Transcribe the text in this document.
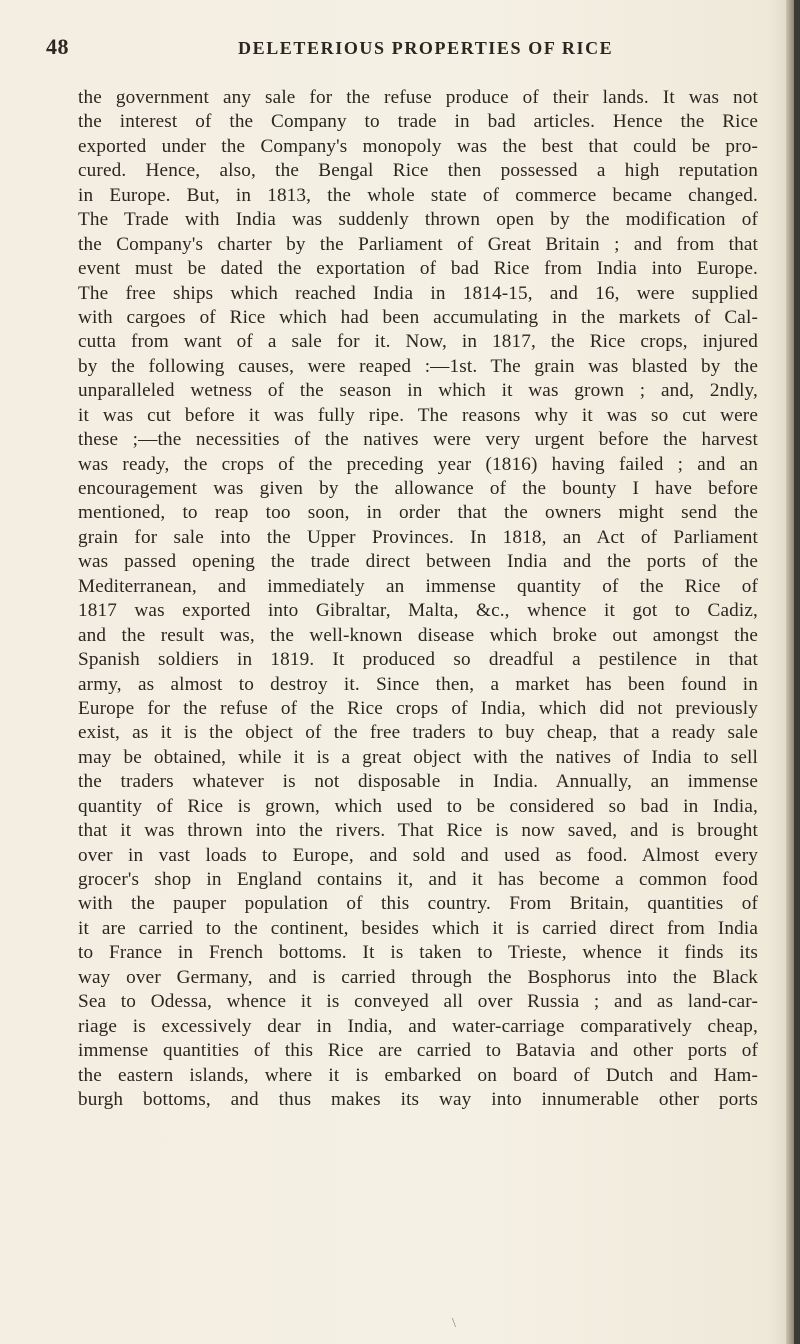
48	DELETERIOUS PROPERTIES OF RICE
the government any sale for the refuse produce of their lands. It was not
the interest of the Company to trade in bad articles. Hence the Rice
exported under the Company's monopoly was the best that could be pro-
cured. Hence, also, the Bengal Rice then possessed a high reputation
in Europe. But, in 1813, the whole state of commerce became changed.
The Trade with India was suddenly thrown open by the modification of
the Company's charter by the Parliament of Great Britain ; and from that
event must be dated the exportation of bad Rice from India into Europe.
The free ships which reached India in 1814-15, and 16, were supplied
with cargoes of Rice which had been accumulating in the markets of Cal-
cutta from want of a sale for it. Now, in 1817, the Rice crops, injured
by the following causes, were reaped :—1st. The grain was blasted by the
unparalleled wetness of the season in which it was grown ; and, 2ndly,
it was cut before it was fully ripe. The reasons why it was so cut were
these ;—the necessities of the natives were very urgent before the harvest
was ready, the crops of the preceding year (1816) having failed ; and an
encouragement was given by the allowance of the bounty I have before
mentioned, to reap too soon, in order that the owners might send the
grain for sale into the Upper Provinces. In 1818, an Act of Parliament
was passed opening the trade direct between India and the ports of the
Mediterranean, and immediately an immense quantity of the Rice of
1817 was exported into Gibraltar, Malta, &c., whence it got to Cadiz,
and the result was, the well-known disease which broke out amongst the
Spanish soldiers in 1819. It produced so dreadful a pestilence in that
army, as almost to destroy it. Since then, a market has been found in
Europe for the refuse of the Rice crops of India, which did not previously
exist, as it is the object of the free traders to buy cheap, that a ready sale
may be obtained, while it is a great object with the natives of India to sell
the traders whatever is not disposable in India. Annually, an immense
quantity of Rice is grown, which used to be considered so bad in India,
that it was thrown into the rivers. That Rice is now saved, and is brought
over in vast loads to Europe, and sold and used as food. Almost every
grocer's shop in England contains it, and it has become a common food
with the pauper population of this country. From Britain, quantities of
it are carried to the continent, besides which it is carried direct from India
to France in French bottoms. It is taken to Trieste, whence it finds its
way over Germany, and is carried through the Bosphorus into the Black
Sea to Odessa, whence it is conveyed all over Russia ; and as land-car-
riage is excessively dear in India, and water-carriage comparatively cheap,
immense quantities of this Rice are carried to Batavia and other ports of
the eastern islands, where it is embarked on board of Dutch and Ham-
burgh bottoms, and thus makes its way into innumerable other ports
\
